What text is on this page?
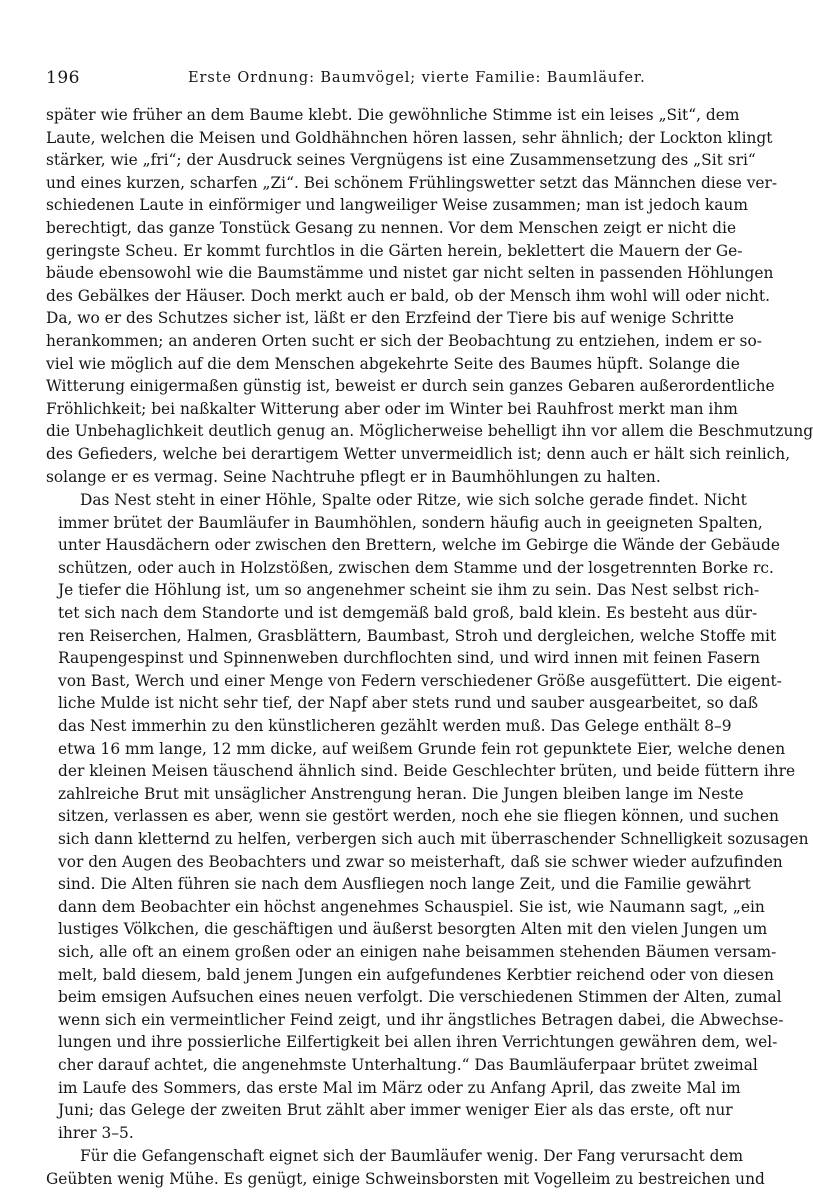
196	Erste Ordnung: Baumvögel; vierte Familie: Baumläufer.
später wie früher an dem Baume klebt. Die gewöhnliche Stimme ist ein leises „Sit“, dem
Laute, welchen die Meisen und Goldhähnchen hören lassen, sehr ähnlich; der Lockton klingt
stärker, wie „fri“; der Ausdruck seines Vergnügens ist eine Zusammensetzung des „Sit sri“
und eines kurzen, scharfen „Zi“. Bei schönem Frühlingswetter setzt das Männchen diese ver-
schiedenen Laute in einförmiger und langweiliger Weise zusammen; man ist jedoch kaum
berechtigt, das ganze Tonstück Gesang zu nennen. Vor dem Menschen zeigt er nicht die
geringste Scheu. Er kommt furchtlos in die Gärten herein, beklettert die Mauern der Ge-
bäude ebensowohl wie die Baumstämme und nistet gar nicht selten in passenden Höhlungen
des Gebälkes der Häuser. Doch merkt auch er bald, ob der Mensch ihm wohl will oder nicht.
Da, wo er des Schutzes sicher ist, läßt er den Erzfeind der Tiere bis auf wenige Schritte
herankommen; an anderen Orten sucht er sich der Beobachtung zu entziehen, indem er so-
viel wie möglich auf die dem Menschen abgekehrte Seite des Baumes hüpft. Solange die
Witterung einigermaßen günstig ist, beweist er durch sein ganzes Gebaren außerordentliche
Fröhlichkeit; bei naßkalter Witterung aber oder im Winter bei Rauhfrost merkt man ihm
die Unbehaglichkeit deutlich genug an. Möglicherweise behelligt ihn vor allem die Beschmutzung
des Gefieders, welche bei derartigem Wetter unvermeidlich ist; denn auch er hält sich reinlich,
solange er es vermag. Seine Nachtruhe pflegt er in Baumhöhlungen zu halten.
Das Nest steht in einer Höhle, Spalte oder Ritze, wie sich solche gerade findet. Nicht
immer brütet der Baumläufer in Baumhöhlen, sondern häufig auch in geeigneten Spalten,
unter Hausdächern oder zwischen den Brettern, welche im Gebirge die Wände der Gebäude
schützen, oder auch in Holzstößen, zwischen dem Stamme und der losgetrennten Borke rc.
Je tiefer die Höhlung ist, um so angenehmer scheint sie ihm zu sein. Das Nest selbst rich-
tet sich nach dem Standorte und ist demgemäß bald groß, bald klein. Es besteht aus dür-
ren Reiserchen, Halmen, Grasblättern, Baumbast, Stroh und dergleichen, welche Stoffe mit
Raupengespinst und Spinnenweben durchflochten sind, und wird innen mit feinen Fasern
von Bast, Werch und einer Menge von Federn verschiedener Größe ausgefüttert. Die eigent-
liche Mulde ist nicht sehr tief, der Napf aber stets rund und sauber ausgearbeitet, so daß
das Nest immerhin zu den künstlicheren gezählt werden muß. Das Gelege enthält 8–9
etwa 16 mm lange, 12 mm dicke, auf weißem Grunde fein rot gepunktete Eier, welche denen
der kleinen Meisen täuschend ähnlich sind. Beide Geschlechter brüten, und beide füttern ihre
zahlreiche Brut mit unsäglicher Anstrengung heran. Die Jungen bleiben lange im Neste
sitzen, verlassen es aber, wenn sie gestört werden, noch ehe sie fliegen können, und suchen
sich dann kletternd zu helfen, verbergen sich auch mit überraschender Schnelligkeit sozusagen
vor den Augen des Beobachters und zwar so meisterhaft, daß sie schwer wieder aufzufinden
sind. Die Alten führen sie nach dem Ausfliegen noch lange Zeit, und die Familie gewährt
dann dem Beobachter ein höchst angenehmes Schauspiel. Sie ist, wie Naumann sagt, „ein
lustiges Völkchen, die geschäftigen und äußerst besorgten Alten mit den vielen Jungen um
sich, alle oft an einem großen oder an einigen nahe beisammen stehenden Bäumen versam-
melt, bald diesem, bald jenem Jungen ein aufgefundenes Kerbtier reichend oder von diesen
beim emsigen Aufsuchen eines neuen verfolgt. Die verschiedenen Stimmen der Alten, zumal
wenn sich ein vermeintlicher Feind zeigt, und ihr ängstliches Betragen dabei, die Abwechse-
lungen und ihre possierliche Eilfertigkeit bei allen ihren Verrichtungen gewähren dem, wel-
cher darauf achtet, die angenehmste Unterhaltung.“ Das Baumläuferpaar brütet zweimal
im Laufe des Sommers, das erste Mal im März oder zu Anfang April, das zweite Mal im
Juni; das Gelege der zweiten Brut zählt aber immer weniger Eier als das erste, oft nur
ihrer 3–5.
Für die Gefangenschaft eignet sich der Baumläufer wenig. Der Fang verursacht dem
Geübten wenig Mühe. Es genügt, einige Schweinsborsten mit Vogelleim zu bestreichen und
